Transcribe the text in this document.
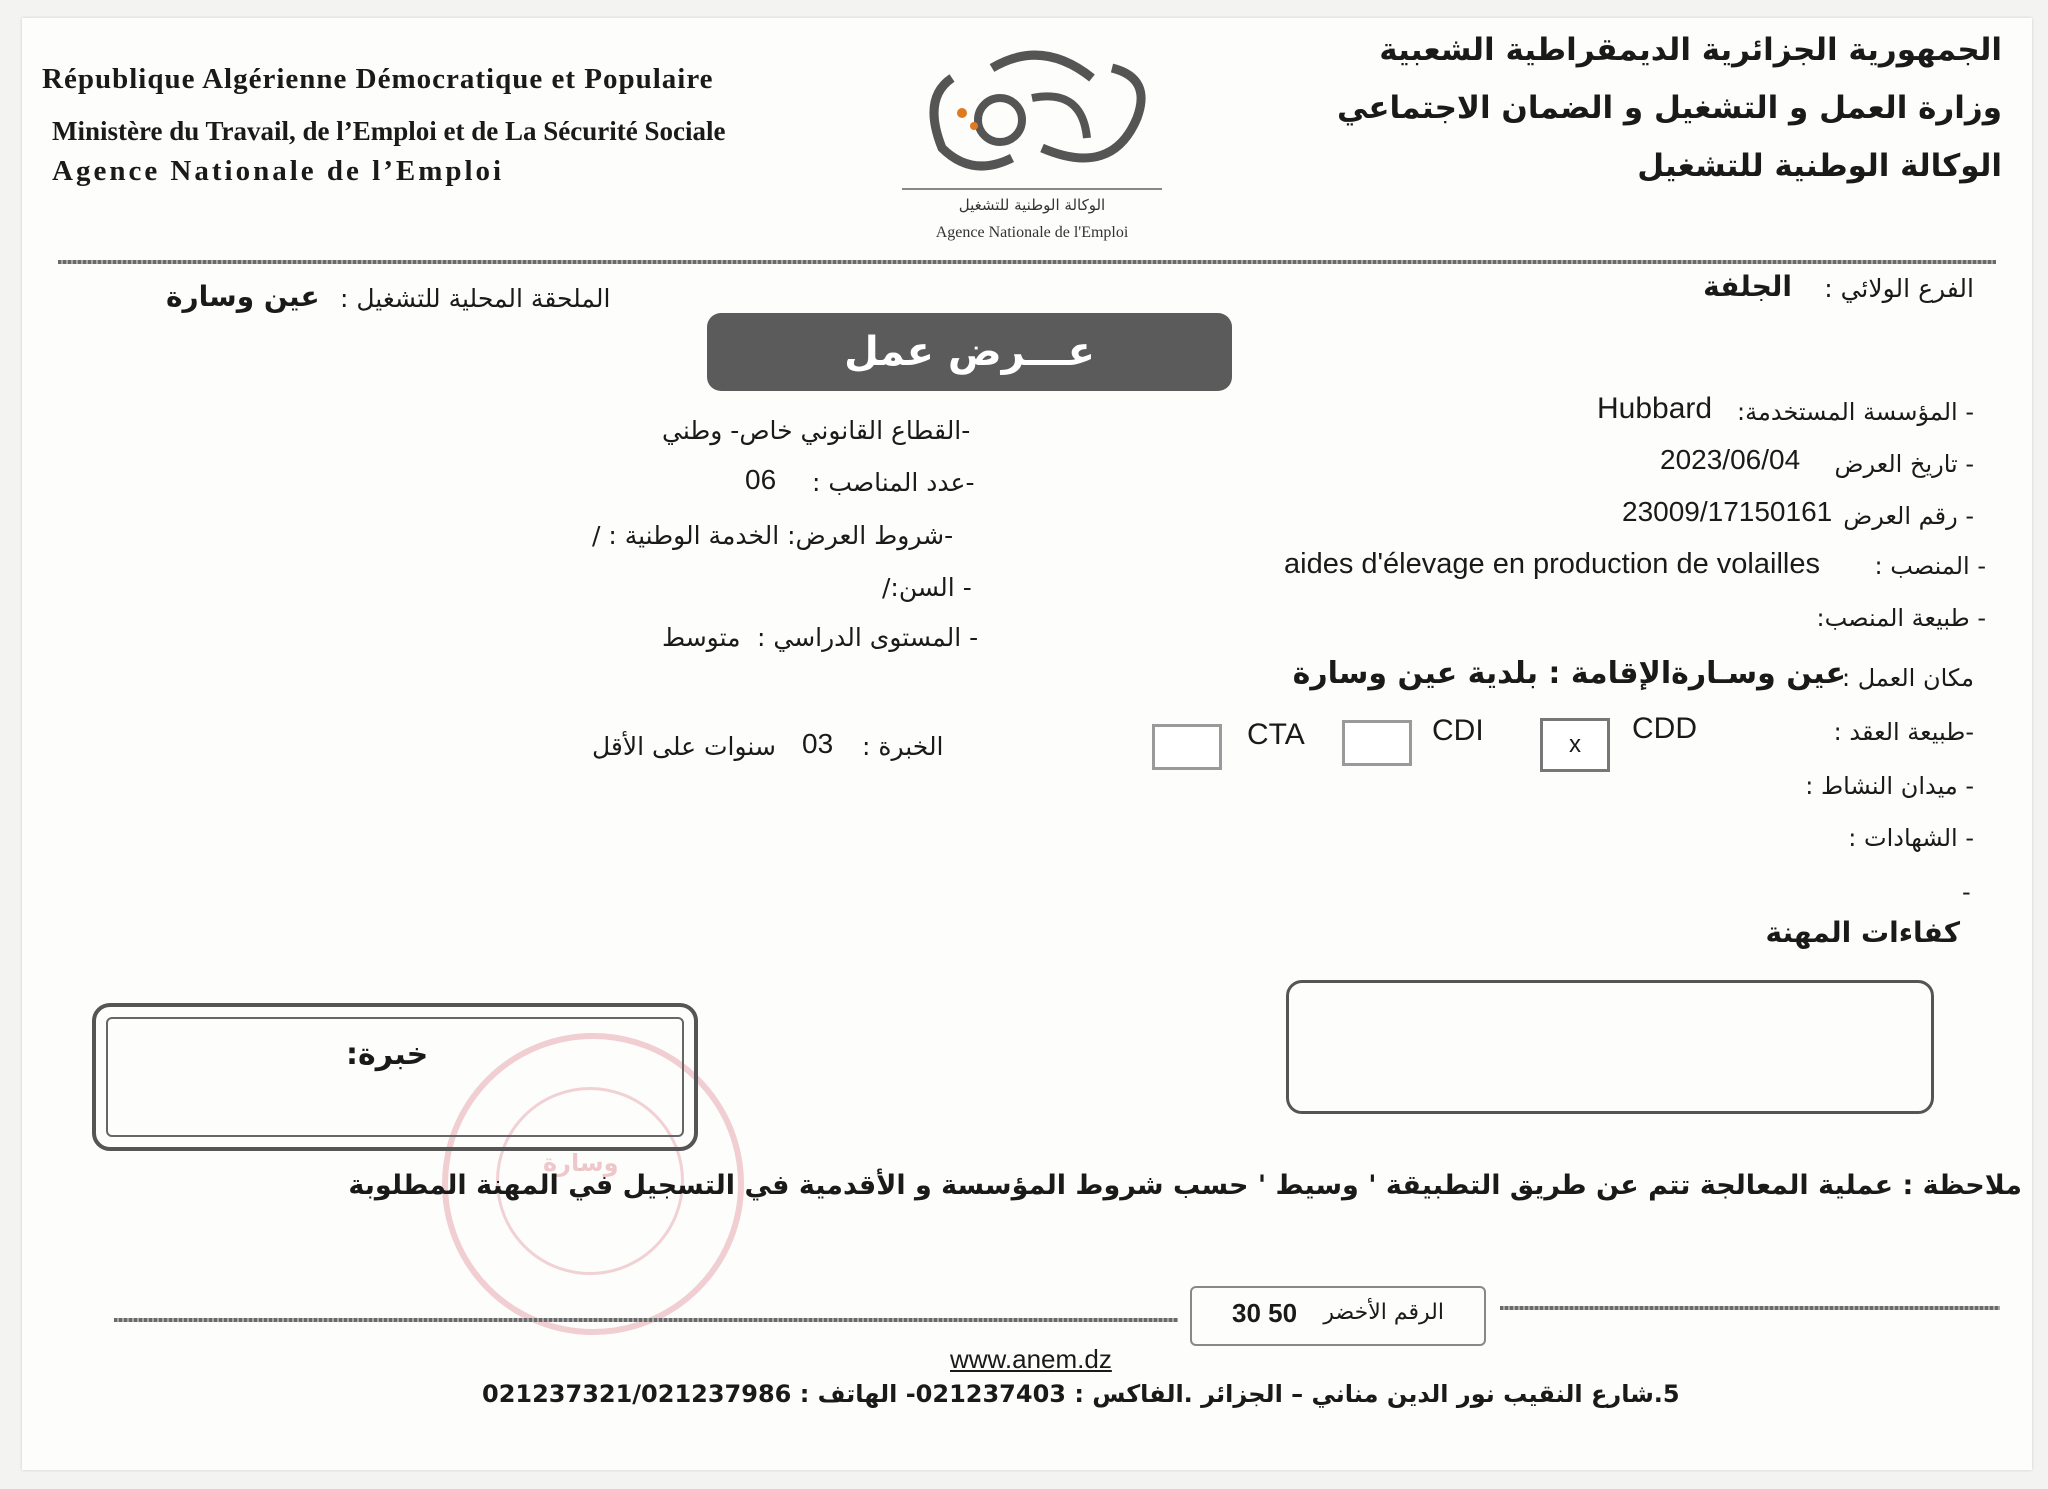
République Algérienne Démocratique et Populaire
Ministère du Travail, de l’Emploi et de La Sécurité Sociale
Agence Nationale de l’Emploi
الوكالة الوطنية للتشغيل
Agence Nationale de l'Emploi
الجمهورية الجزائرية الديمقراطية الشعبية
وزارة العمل و التشغيل و الضمان الاجتماعي
الوكالة الوطنية للتشغيل
الفرع الولائي :
الجلفة
الملحقة المحلية للتشغيل :
عين وسارة
عـــرض عمل
- المؤسسة المستخدمة:
Hubbard
- تاريخ العرض
2023/06/04
- رقم العرض
23009/17150161
- المنصب :
aides d'élevage en production de volailles
- طبيعة المنصب:
مكان العمل :
عين وسـارةالإقامة : بلدية عين وسارة
-طبيعة العقد :
CDD
x
CDI
CTA
- ميدان النشاط :
- الشهادات :
-
-القطاع القانوني خاص- وطني
-عدد المناصب :
06
-شروط العرض: الخدمة الوطنية : /
- السن:/
- المستوى الدراسي :
متوسط
الخبرة :
03
سنوات على الأقل
كفاءات المهنة
وسارة
خبرة:
ملاحظة : عملية المعالجة تتم عن طريق التطبيقة ' وسيط ' حسب شروط المؤسسة و الأقدمية في التسجيل في المهنة المطلوبة
الرقم الأخضر
30 50
www.anem.dz
5.شارع النقيب نور الدين مناني – الجزائر .الفاكس : 021237403- الهاتف : 021237321/021237986
